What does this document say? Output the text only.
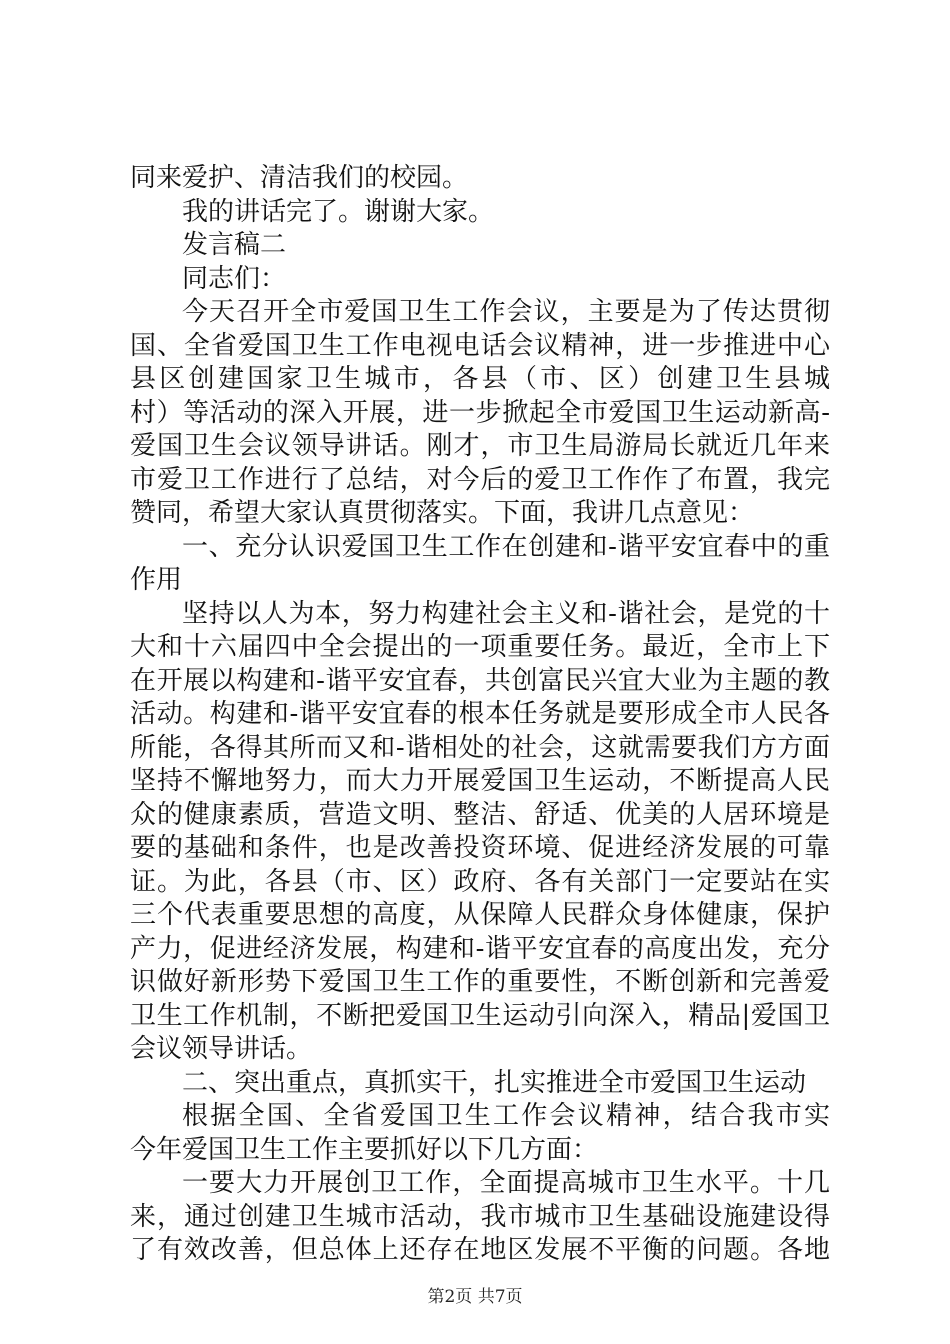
同来爱护、清洁我们的校园。
我的讲话完了。谢谢大家。
发言稿二
同志们：
今天召开全市爱国卫生工作会议，主要是为了传达贯彻
国、全省爱国卫生工作电视电话会议精神，进一步推进中心
县区创建国家卫生城市，各县（市、区）创建卫生县城
村）等活动的深入开展，进一步掀起全市爱国卫生运动新高-
爱国卫生会议领导讲话。刚才，市卫生局游局长就近几年来
市爱卫工作进行了总结，对今后的爱卫工作作了布置，我完
赞同，希望大家认真贯彻落实。下面，我讲几点意见：
一、充分认识爱国卫生工作在创建和-谐平安宜春中的重
作用
坚持以人为本，努力构建社会主义和-谐社会，是党的十
大和十六届四中全会提出的一项重要任务。最近，全市上下
在开展以构建和-谐平安宜春，共创富民兴宜大业为主题的教
活动。构建和-谐平安宜春的根本任务就是要形成全市人民各
所能，各得其所而又和-谐相处的社会，这就需要我们方方面
坚持不懈地努力，而大力开展爱国卫生运动，不断提高人民
众的健康素质，营造文明、整洁、舒适、优美的人居环境是
要的基础和条件，也是改善投资环境、促进经济发展的可靠
证。为此，各县（市、区）政府、各有关部门一定要站在实
三个代表重要思想的高度，从保障人民群众身体健康，保护
产力，促进经济发展，构建和-谐平安宜春的高度出发，充分
识做好新形势下爱国卫生工作的重要性，不断创新和完善爱
卫生工作机制，不断把爱国卫生运动引向深入，精品|爱国卫
会议领导讲话。
二、突出重点，真抓实干，扎实推进全市爱国卫生运动
根据全国、全省爱国卫生工作会议精神，结合我市实
今年爱国卫生工作主要抓好以下几方面：
一要大力开展创卫工作，全面提高城市卫生水平。十几
来，通过创建卫生城市活动，我市城市卫生基础设施建设得
了有效改善，但总体上还存在地区发展不平衡的问题。各地
第2页 共7页
